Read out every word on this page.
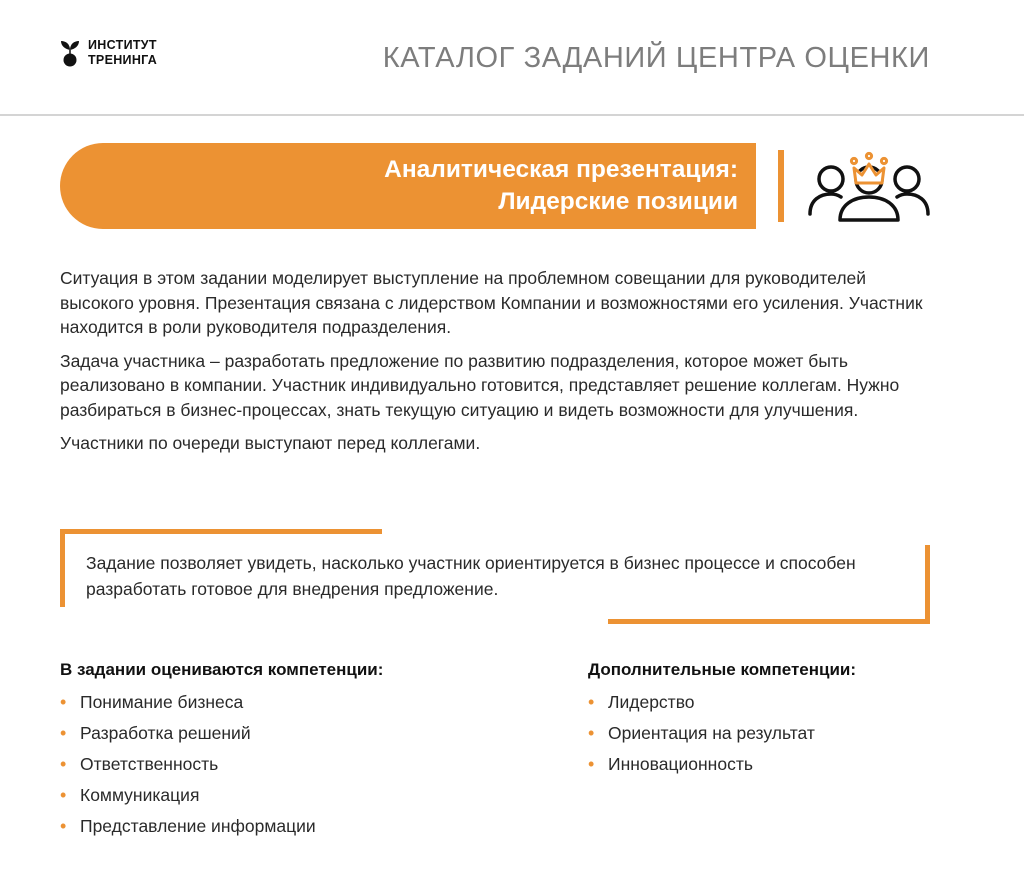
ИНСТИТУТ
ТРЕНИНГА	КАТАЛОГ ЗАДАНИЙ ЦЕНТРА ОЦЕНКИ
Аналитическая презентация:
Лидерские позиции

Ситуация в этом задании моделирует выступление на проблемном совещании для руководителей высокого уровня. Презентация связана с лидерством Компании и возможностями его усиления. Участник находится в роли руководителя подразделения.

Задача участника – разработать предложение по развитию подразделения, которое может быть реализовано в компании. Участник индивидуально готовится, представляет решение коллегам. Нужно разбираться в бизнес-процессах, знать текущую ситуацию и видеть возможности для улучшения.

Участники по очереди выступают перед коллегами.

Задание позволяет увидеть, насколько участник ориентируется в бизнес процессе и способен разработать готовое для внедрения предложение.

В задании оцениваются компетенции:
• Понимание бизнеса
• Разработка решений
• Ответственность
• Коммуникация
• Представление информации
Дополнительные компетенции:
• Лидерство
• Ориентация на результат
• Инновационность
